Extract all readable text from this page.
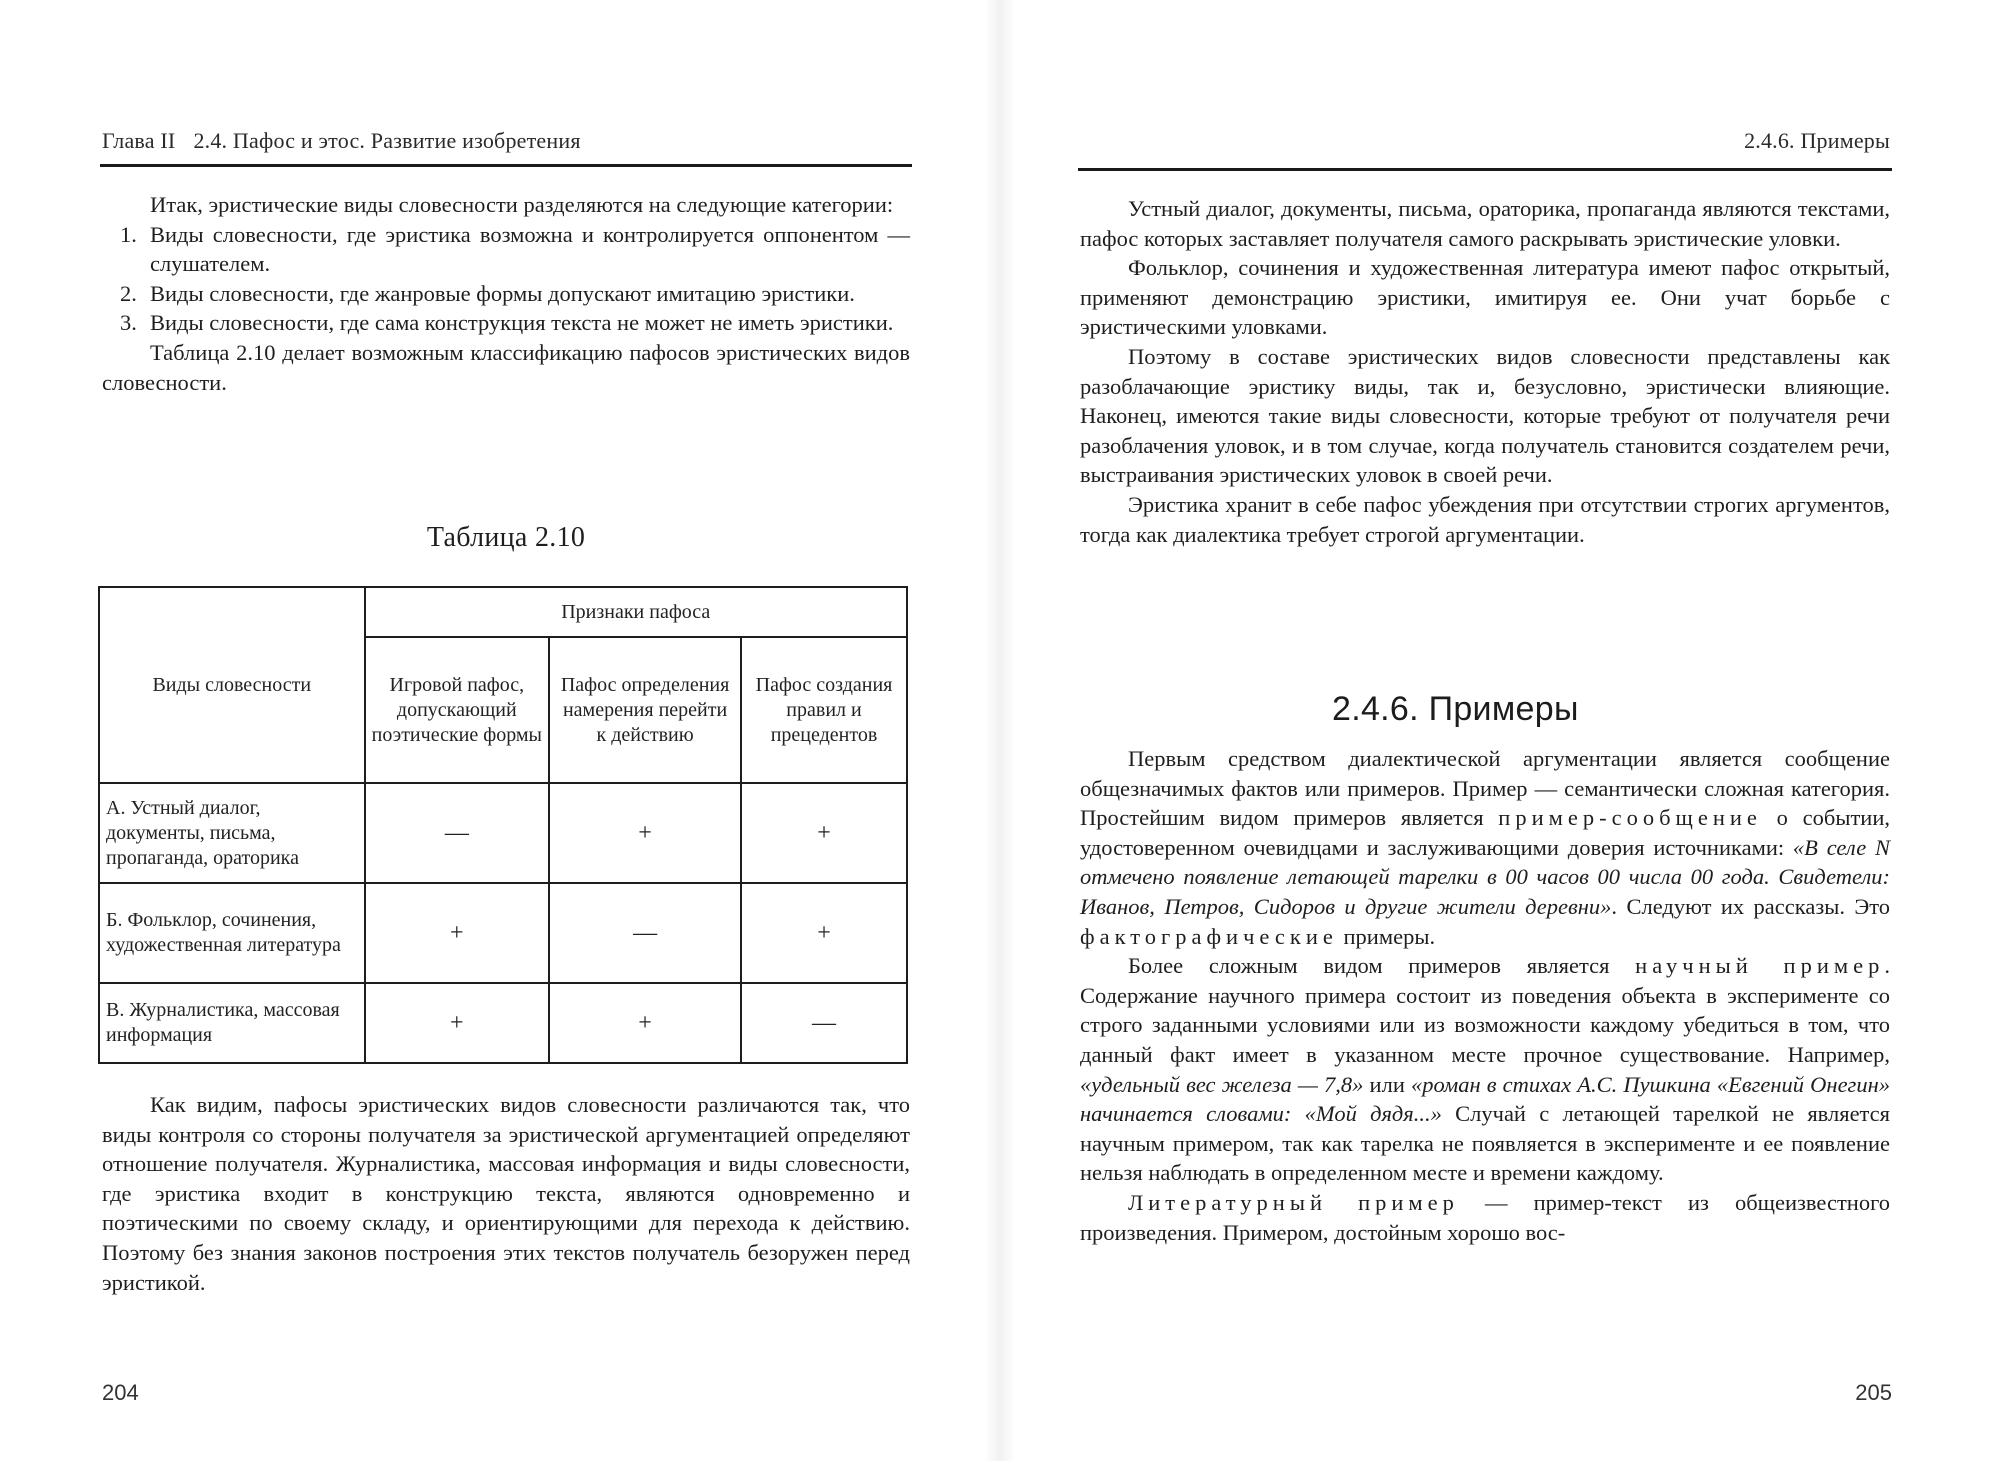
Глава II 2.4. Пафос и этос. Развитие изобретения

Итак, эристические виды словесности разделяются на следующие категории:

1. Виды словесности, где эристика возможна и контролируется оппонентом — слушателем.
2. Виды словесности, где жанровые формы допускают имитацию эристики.
3. Виды словесности, где сама конструкция текста не может не иметь эристики.

Таблица 2.10 делает возможным классификацию пафосов эристических видов словесности.

Таблица 2.10
Виды словесности	Признаки пафоса		
	Игровой пафос, допускающий поэтические формы	Пафос определения намерения перейти к действию	Пафос создания правил и прецедентов
А. Устный диалог, документы, письма, пропаганда, ораторика	—	+	+
Б. Фольклор, сочинения, художественная литература	+	—	+
В. Журналистика, массовая информация	+	+	—

Как видим, пафосы эристических видов словесности различаются так, что виды контроля со стороны получателя за эристической аргументацией определяют отношение получателя. Журналистика, массовая информация и виды словесности, где эристика входит в конструкцию текста, являются одновременно и поэтическими по своему складу, и ориентирующими для перехода к действию. Поэтому без знания законов построения этих текстов получатель безоружен перед эристикой.

204
2.4.6. Примеры

Устный диалог, документы, письма, ораторика, пропаганда являются текстами, пафос которых заставляет получателя самого раскрывать эристические уловки.

Фольклор, сочинения и художественная литература имеют пафос открытый, применяют демонстрацию эристики, имитируя ее. Они учат борьбе с эристическими уловками.

Поэтому в составе эристических видов словесности представлены как разоблачающие эристику виды, так и, безусловно, эристически влияющие. Наконец, имеются такие виды словесности, которые требуют от получателя речи разоблачения уловок, и в том случае, когда получатель становится создателем речи, выстраивания эристических уловок в своей речи.

Эристика хранит в себе пафос убеждения при отсутствии строгих аргументов, тогда как диалектика требует строгой аргументации.

2.4.6. Примеры

Первым средством диалектической аргументации является сообщение общезначимых фактов или примеров. Пример — семантически сложная категория. Простейшим видом примеров является пример-сообщение о событии, удостоверенном очевидцами и заслуживающими доверия источниками: «В селе N отмечено появление летающей тарелки в 00 часов 00 числа 00 года. Свидетели: Иванов, Петров, Сидоров и другие жители деревни». Следуют их рассказы. Это фактографические примеры.

Более сложным видом примеров является научный пример. Содержание научного примера состоит из поведения объекта в эксперименте со строго заданными условиями или из возможности каждому убедиться в том, что данный факт имеет в указанном месте прочное существование. Например, «удельный вес железа — 7,8» или «роман в стихах А.С. Пушкина «Евгений Онегин» начинается словами: «Мой дядя...» Случай с летающей тарелкой не является научным примером, так как тарелка не появляется в эксперименте и ее появление нельзя наблюдать в определенном месте и времени каждому.

Литературный пример — пример-текст из общеизвестного произведения. Примером, достойным хорошо вос-

205
